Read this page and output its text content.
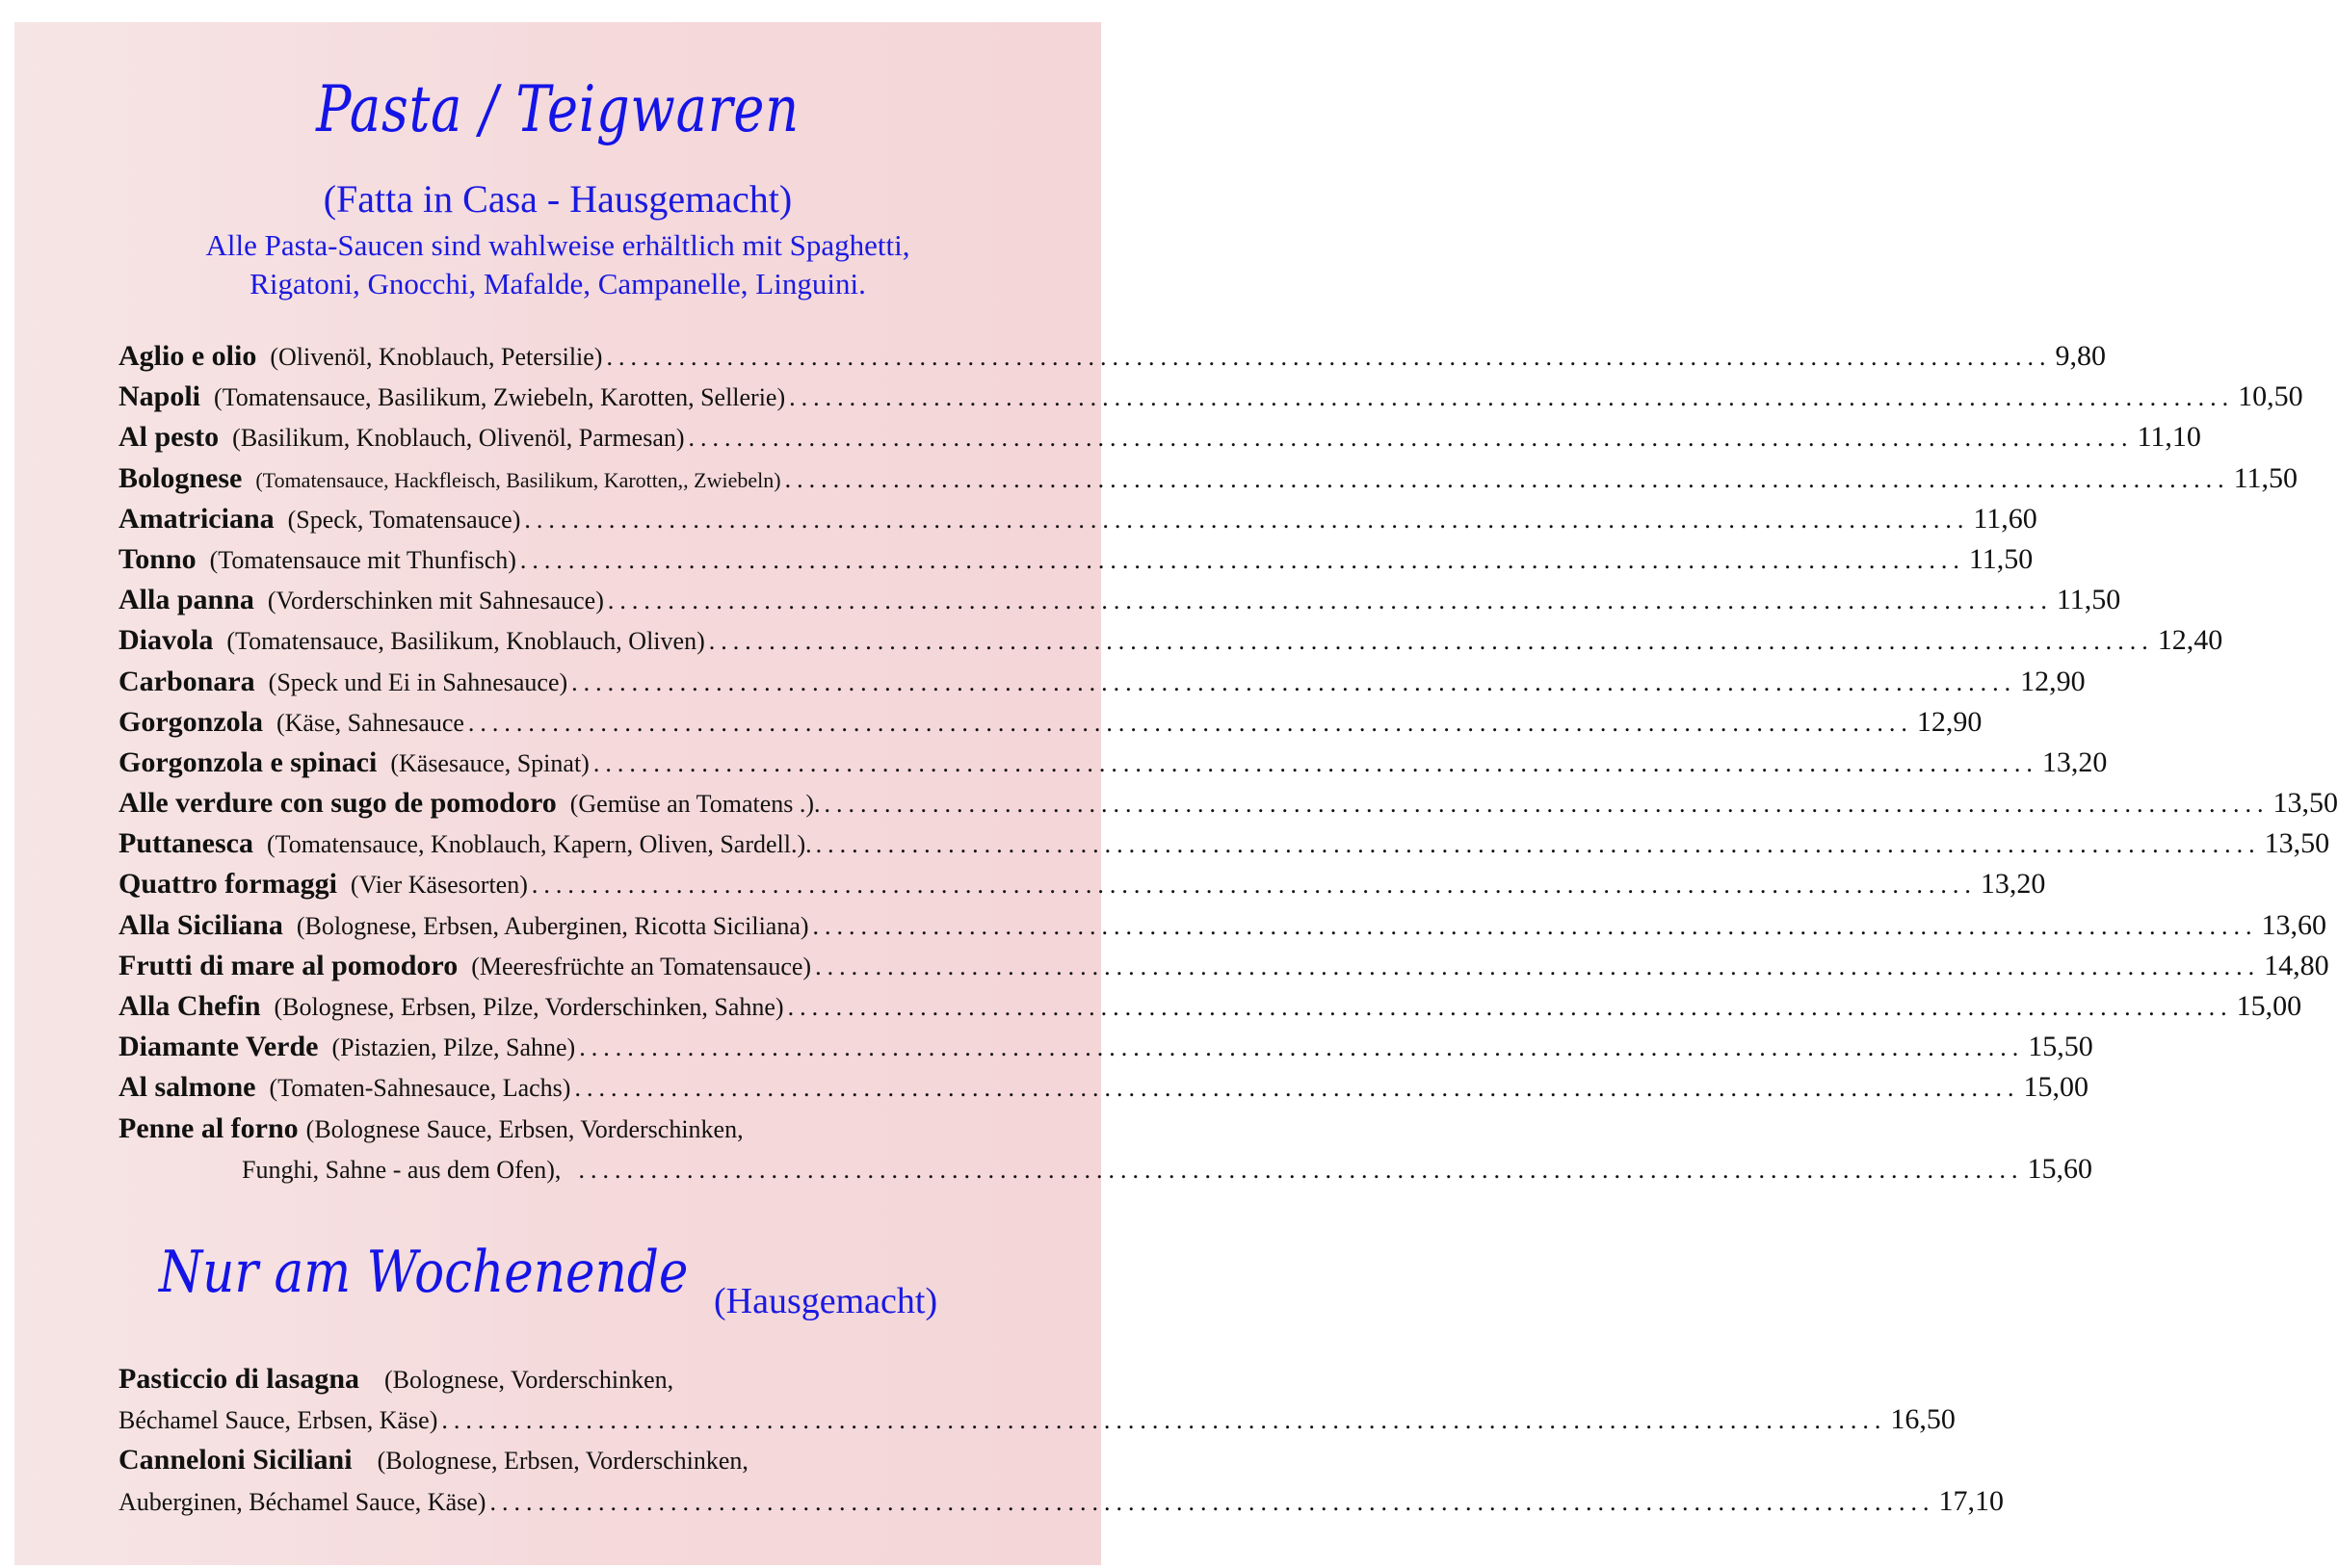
Pasta / Teigwaren
(Fatta in Casa - Hausgemacht)
Alle Pasta-Saucen sind wahlweise erhältlich mit Spaghetti,
Rigatoni, Gnocchi, Mafalde, Campanelle, Linguini.
Aglio e olio (Olivenöl, Knoblauch, Petersilie) ........................................................................................................................ 9,80
Napoli (Tomatensauce, Basilikum, Zwiebeln, Karotten, Sellerie) ........................................................................................................................ 10,50
Al pesto (Basilikum, Knoblauch, Olivenöl, Parmesan) ........................................................................................................................ 11,10
Bolognese (Tomatensauce, Hackfleisch, Basilikum, Karotten,, Zwiebeln) ........................................................................................................................ 11,50
Amatriciana (Speck, Tomatensauce) ........................................................................................................................ 11,60
Tonno (Tomatensauce mit Thunfisch) ........................................................................................................................ 11,50
Alla panna (Vorderschinken mit Sahnesauce) ........................................................................................................................ 11,50
Diavola (Tomatensauce, Basilikum, Knoblauch, Oliven) ........................................................................................................................ 12,40
Carbonara (Speck und Ei in Sahnesauce) ........................................................................................................................ 12,90
Gorgonzola (Käse, Sahnesauce ........................................................................................................................ 12,90
Gorgonzola e spinaci (Käsesauce, Spinat) ........................................................................................................................ 13,20
Alle verdure con sugo de pomodoro (Gemüse an Tomatens .). ........................................................................................................................ 13,50
Puttanesca (Tomatensauce, Knoblauch, Kapern, Oliven, Sardell.). ........................................................................................................................ 13,50
Quattro formaggi (Vier Käsesorten) ........................................................................................................................ 13,20
Alla Siciliana (Bolognese, Erbsen, Auberginen, Ricotta Siciliana) ........................................................................................................................ 13,60
Frutti di mare al pomodoro (Meeresfrüchte an Tomatensauce) ........................................................................................................................ 14,80
Alla Chefin (Bolognese, Erbsen, Pilze, Vorderschinken, Sahne) ........................................................................................................................ 15,00
Diamante Verde (Pistazien, Pilze, Sahne) ........................................................................................................................ 15,50
Al salmone (Tomaten-Sahnesauce, Lachs) ........................................................................................................................ 15,00
Penne al forno (Bolognese Sauce, Erbsen, Vorderschinken,
Funghi, Sahne - aus dem Ofen), ........................................................................................................................ 15,60
Nur am Wochenende (Hausgemacht)
Pasticcio di lasagna (Bolognese, Vorderschinken,
Béchamel Sauce, Erbsen, Käse) ........................................................................................................................ 16,50
Canneloni Siciliani (Bolognese, Erbsen, Vorderschinken,
Auberginen, Béchamel Sauce, Käse) ........................................................................................................................ 17,10
